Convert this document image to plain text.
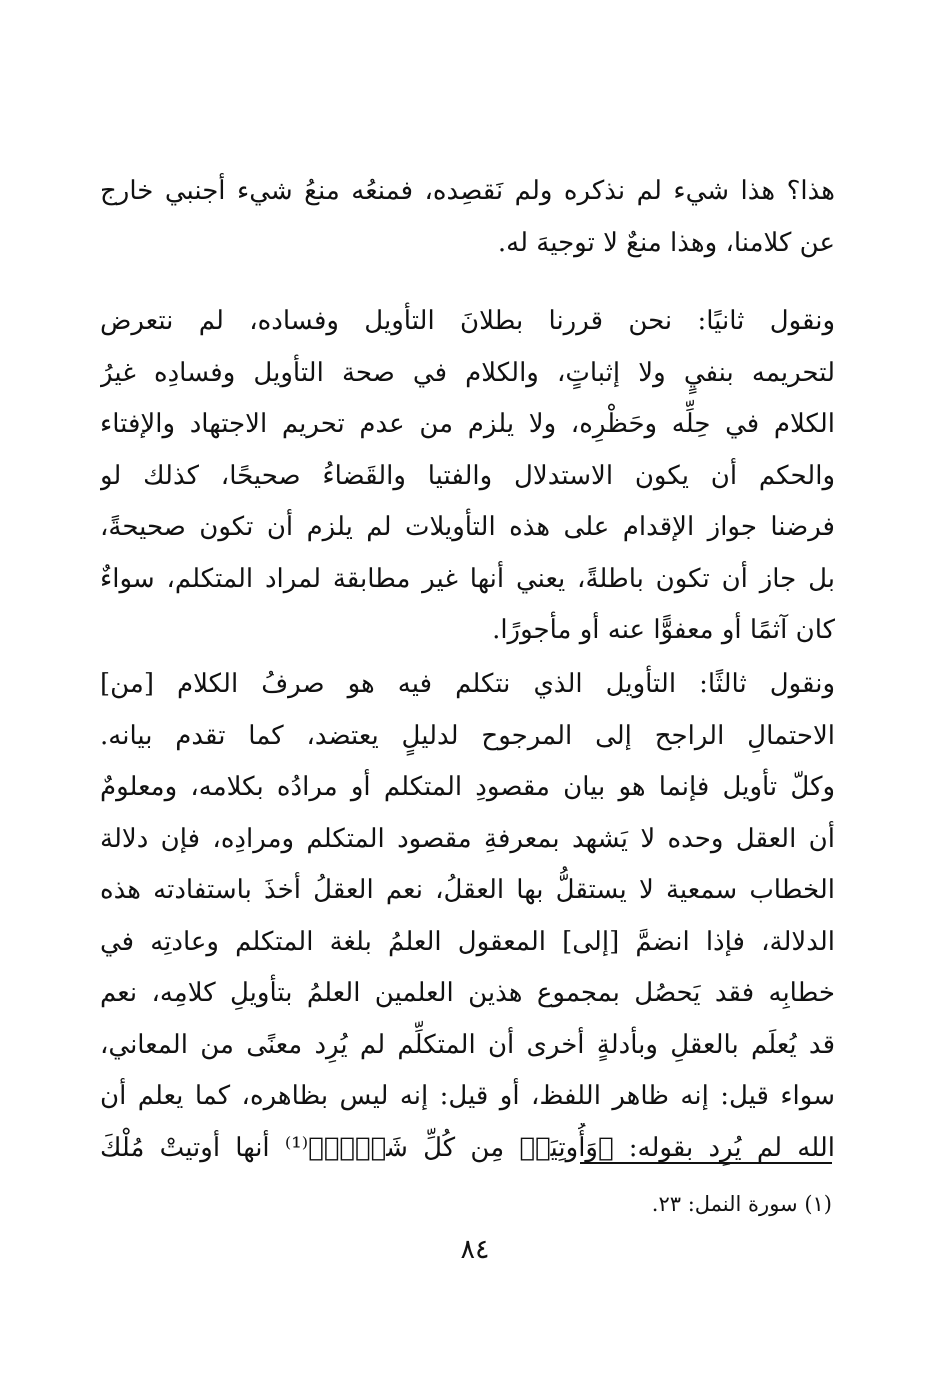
هذا؟ هذا شيء لم نذكره ولم نَقصِده، فمنعُه منعُ شيء أجنبي خارج
عن كلامنا، وهذا منعٌ لا توجيهَ له.
ونقول ثانيًا: نحن قررنا بطلانَ التأويل وفساده، لم نتعرض
لتحريمه بنفيٍ ولا إثباتٍ، والكلام في صحة التأويل وفسادِه غيرُ
الكلام في حِلِّه وحَظْرِه، ولا يلزم من عدم تحريم الاجتهاد والإفتاء
والحكم أن يكون الاستدلال والفتيا والقَضاءُ صحيحًا، كذلك لو
فرضنا جواز الإقدام على هذه التأويلات لم يلزم أن تكون صحيحةً،
بل جاز أن تكون باطلةً، يعني أنها غير مطابقة لمراد المتكلم، سواءٌ
كان آثمًا أو معفوًّا عنه أو مأجورًا.
ونقول ثالثًا: التأويل الذي نتكلم فيه هو صرفُ الكلام [من]
الاحتمالِ الراجح إلى المرجوح لدليلٍ يعتضد، كما تقدم بيانه.
وكلّ تأويل فإنما هو بيان مقصودِ المتكلم أو مرادُه بكلامه، ومعلومٌ
أن العقل وحده لا يَشهد بمعرفةِ مقصود المتكلم ومرادِه، فإن دلالة
الخطاب سمعية لا يستقلُّ بها العقلُ، نعم العقلُ أخذَ باستفادته هذه
الدلالة، فإذا انضمَّ [إلى] المعقول العلمُ بلغة المتكلم وعادتِه في
خطابِه فقد يَحصُل بمجموع هذين العلمين العلمُ بتأويلِ كلامِه، نعم
قد يُعلَم بالعقلِ وبأدلةٍ أخرى أن المتكلِّم لم يُرِد معنًى من المعاني،
سواء قيل: إنه ظاهر اللفظ، أو قيل: إنه ليس بظاهره، كما يعلم أن
الله لم يُرِد بقوله: ﴿وَأُوتِيَتۡ مِن كُلِّ شَيۡءٖ﴾⁽¹⁾ أنها أوتيتْ مُلْكَ
(١) سورة النمل: ٢٣.
٨٤
